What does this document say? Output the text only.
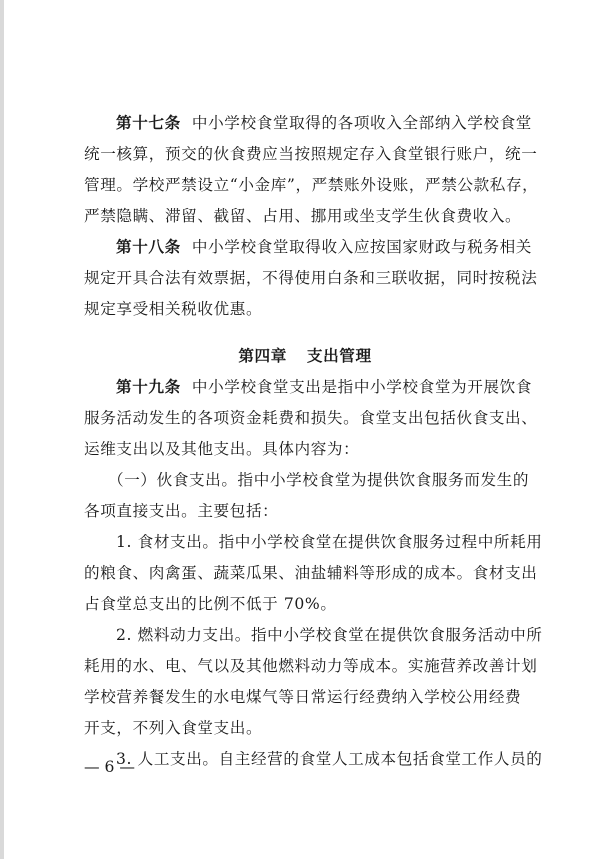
第十七条 中小学校食堂取得的各项收入全部纳入学校食堂
统一核算，预交的伙食费应当按照规定存入食堂银行账户，统一
管理。学校严禁设立“小金库”，严禁账外设账，严禁公款私存，
严禁隐瞒、滞留、截留、占用、挪用或坐支学生伙食费收入。
第十八条 中小学校食堂取得收入应按国家财政与税务相关
规定开具合法有效票据，不得使用白条和三联收据，同时按税法
规定享受相关税收优惠。
第四章 支出管理
第十九条 中小学校食堂支出是指中小学校食堂为开展饮食
服务活动发生的各项资金耗费和损失。食堂支出包括伙食支出、
运维支出以及其他支出。具体内容为：
（一）伙食支出。指中小学校食堂为提供饮食服务而发生的
各项直接支出。主要包括：
1. 食材支出。指中小学校食堂在提供饮食服务过程中所耗用
的粮食、肉禽蛋、蔬菜瓜果、油盐辅料等形成的成本。食材支出
占食堂总支出的比例不低于 70%。
2. 燃料动力支出。指中小学校食堂在提供饮食服务活动中所
耗用的水、电、气以及其他燃料动力等成本。实施营养改善计划
学校营养餐发生的水电煤气等日常运行经费纳入学校公用经费
开支，不列入食堂支出。
3. 人工支出。自主经营的食堂人工成本包括食堂工作人员的
— 6 —
